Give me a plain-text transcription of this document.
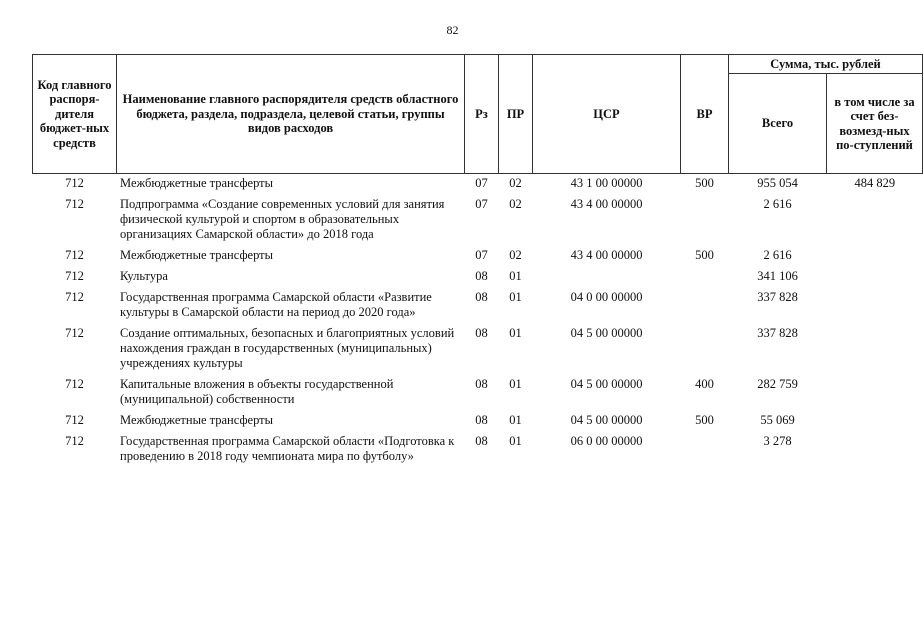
82
Код главного распоря-дителя бюджет-ных средств	Наименование главного распорядителя средств областного бюджета, раздела, подраздела, целевой статьи, группы видов расходов	Рз	ПР	ЦСР	ВР	Сумма, тыс. рублей	
						Всего	в том числе за счет без-возмезд-ных по-ступлений
712	Межбюджетные трансферты	07	02	43 1 00 00000	500	955 054	484 829
712	Подпрограмма «Создание современных условий для занятия физической культурой и спортом в образовательных организациях Самарской области» до 2018 года	07	02	43 4 00 00000		2 616	
712	Межбюджетные трансферты	07	02	43 4 00 00000	500	2 616	
712	Культура	08	01			341 106	
712	Государственная программа Самарской области «Развитие культуры в Самарской области на период до 2020 года»	08	01	04 0 00 00000		337 828	
712	Создание оптимальных, безопасных и благоприятных условий нахождения граждан в государственных (муниципальных) учреждениях культуры	08	01	04 5 00 00000		337 828	
712	Капитальные вложения в объекты государственной (муниципальной) собственности	08	01	04 5 00 00000	400	282 759	
712	Межбюджетные трансферты	08	01	04 5 00 00000	500	55 069	
712	Государственная программа Самарской области «Подготовка к проведению в 2018 году чемпионата мира по футболу»	08	01	06 0 00 00000		3 278	
